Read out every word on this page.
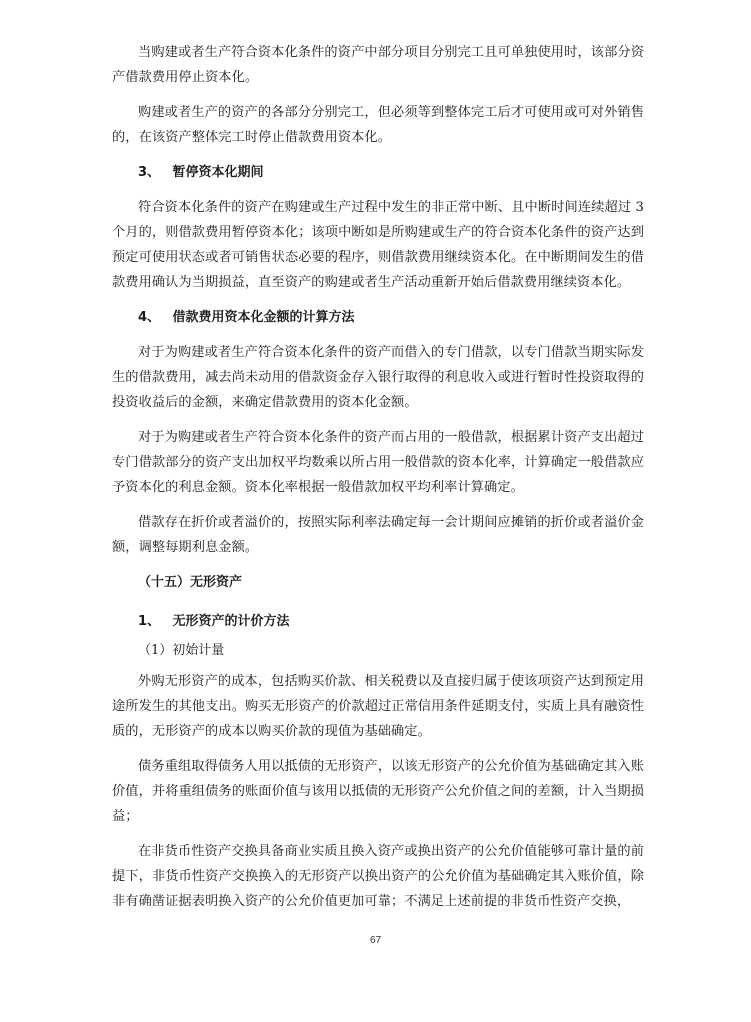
当购建或者生产符合资本化条件的资产中部分项目分别完工且可单独使用时，该部分资产借款费用停止资本化。

购建或者生产的资产的各部分分别完工，但必须等到整体完工后才可使用或可对外销售的，在该资产整体完工时停止借款费用资本化。

3、 暂停资本化期间

符合资本化条件的资产在购建或生产过程中发生的非正常中断、且中断时间连续超过 3 个月的，则借款费用暂停资本化；该项中断如是所购建或生产的符合资本化条件的资产达到预定可使用状态或者可销售状态必要的程序，则借款费用继续资本化。在中断期间发生的借款费用确认为当期损益，直至资产的购建或者生产活动重新开始后借款费用继续资本化。

4、 借款费用资本化金额的计算方法

对于为购建或者生产符合资本化条件的资产而借入的专门借款，以专门借款当期实际发生的借款费用，减去尚未动用的借款资金存入银行取得的利息收入或进行暂时性投资取得的投资收益后的金额，来确定借款费用的资本化金额。

对于为购建或者生产符合资本化条件的资产而占用的一般借款，根据累计资产支出超过专门借款部分的资产支出加权平均数乘以所占用一般借款的资本化率，计算确定一般借款应予资本化的利息金额。资本化率根据一般借款加权平均利率计算确定。

借款存在折价或者溢价的，按照实际利率法确定每一会计期间应摊销的折价或者溢价金额，调整每期利息金额。

（十五）无形资产
1、 无形资产的计价方法
（1）初始计量

外购无形资产的成本，包括购买价款、相关税费以及直接归属于使该项资产达到预定用途所发生的其他支出。购买无形资产的价款超过正常信用条件延期支付，实质上具有融资性质的，无形资产的成本以购买价款的现值为基础确定。

债务重组取得债务人用以抵债的无形资产，以该无形资产的公允价值为基础确定其入账价值，并将重组债务的账面价值与该用以抵债的无形资产公允价值之间的差额，计入当期损益；

在非货币性资产交换具备商业实质且换入资产或换出资产的公允价值能够可靠计量的前提下，非货币性资产交换换入的无形资产以换出资产的公允价值为基础确定其入账价值，除非有确凿证据表明换入资产的公允价值更加可靠；不满足上述前提的非货币性资产交换，

67
